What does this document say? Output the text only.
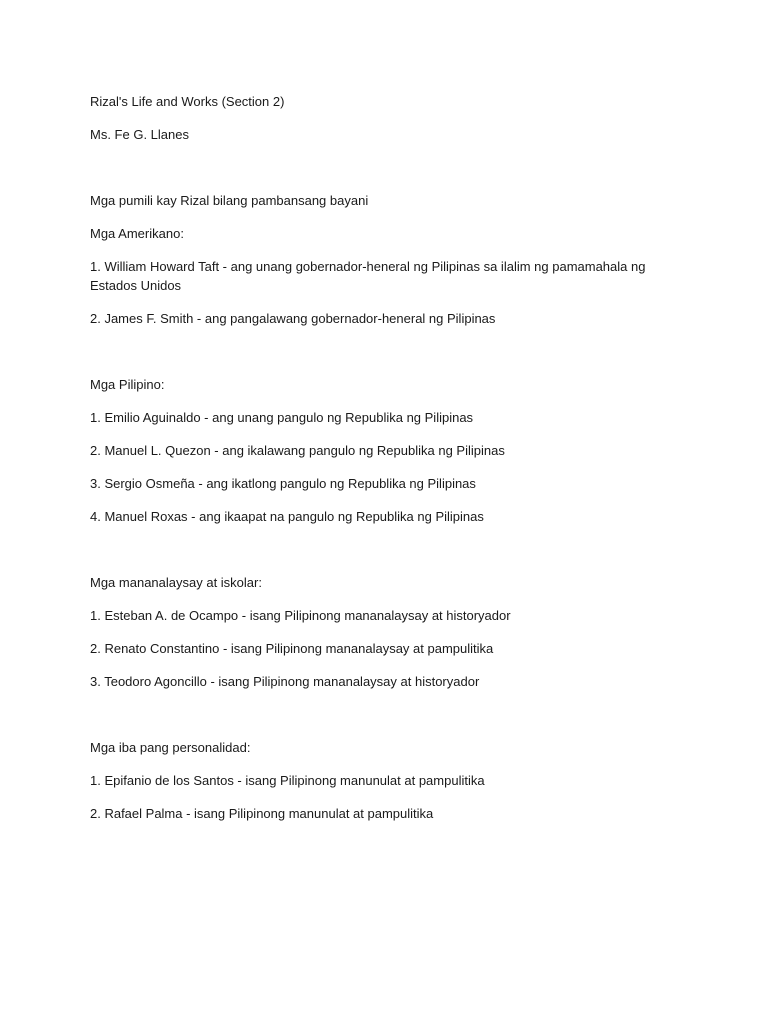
Rizal's Life and Works (Section 2)

Ms. Fe G. Llanes

Mga pumili kay Rizal bilang pambansang bayani

Mga Amerikano:

1. William Howard Taft - ang unang gobernador-heneral ng Pilipinas sa ilalim ng pamamahala ng Estados Unidos

2. James F. Smith - ang pangalawang gobernador-heneral ng Pilipinas

Mga Pilipino:

1. Emilio Aguinaldo - ang unang pangulo ng Republika ng Pilipinas

2. Manuel L. Quezon - ang ikalawang pangulo ng Republika ng Pilipinas

3. Sergio Osmeña - ang ikatlong pangulo ng Republika ng Pilipinas

4. Manuel Roxas - ang ikaapat na pangulo ng Republika ng Pilipinas

Mga mananalaysay at iskolar:

1. Esteban A. de Ocampo - isang Pilipinong mananalaysay at historyador

2. Renato Constantino - isang Pilipinong mananalaysay at pampulitika

3. Teodoro Agoncillo - isang Pilipinong mananalaysay at historyador

Mga iba pang personalidad:

1. Epifanio de los Santos - isang Pilipinong manunulat at pampulitika

2. Rafael Palma - isang Pilipinong manunulat at pampulitika
